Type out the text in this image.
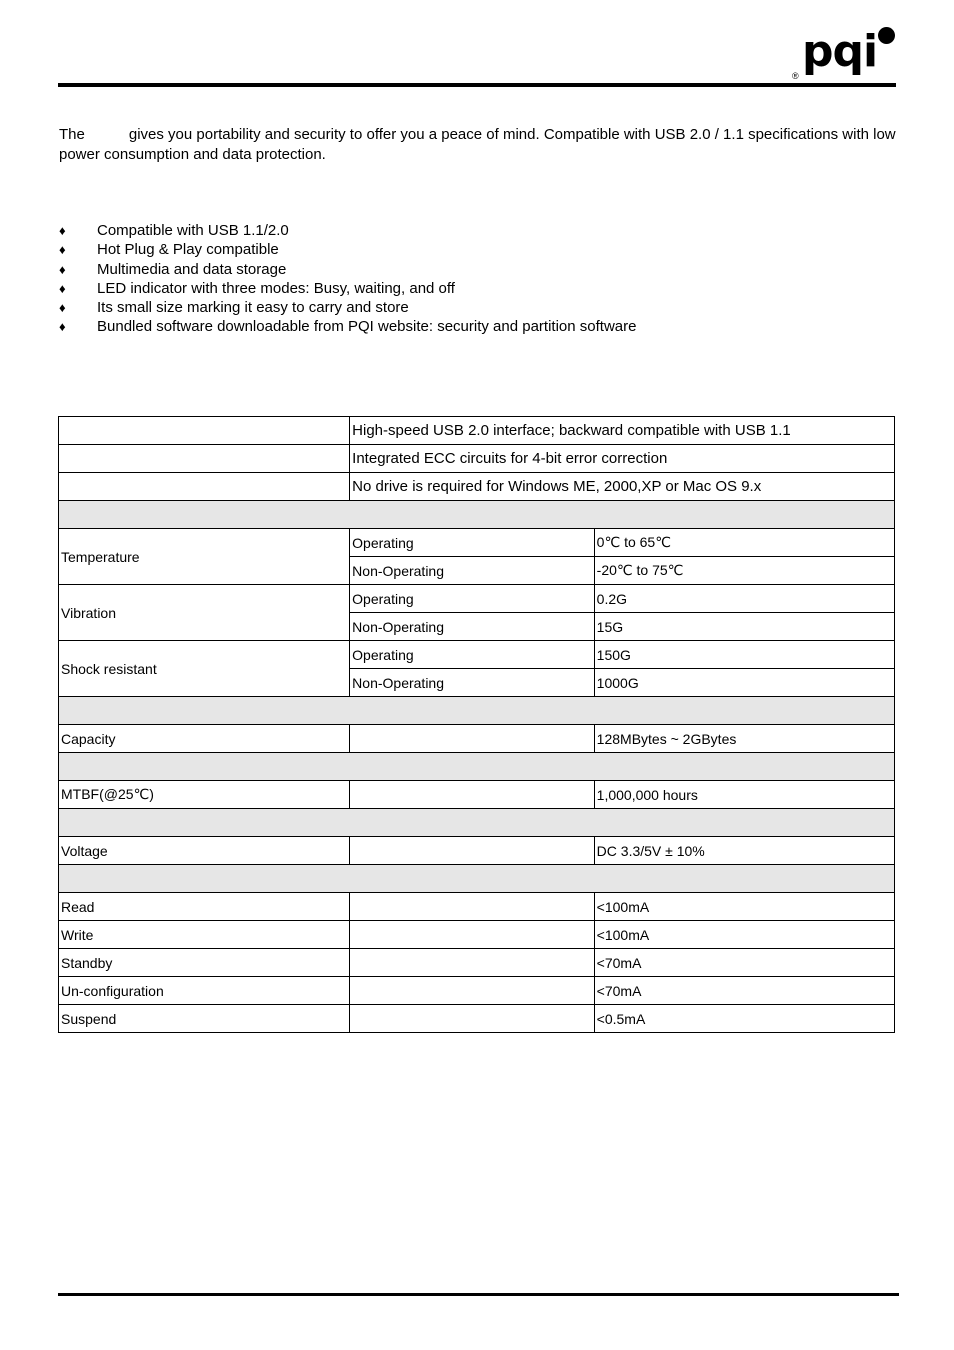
® pqi
The	gives you portability and security to offer you a peace of mind. Compatible with USB 2.0 / 1.1 specifications with low power consumption and data protection.
♦ Compatible with USB 1.1/2.0
♦ Hot Plug & Play compatible
♦ Multimedia and data storage
♦ LED indicator with three modes: Busy, waiting, and off
♦ Its small size marking it easy to carry and store
♦ Bundled software downloadable from PQI website: security and partition software
	High-speed USB 2.0 interface; backward compatible with USB 1.1	
	Integrated ECC circuits for 4-bit error correction	
	No drive is required for Windows ME, 2000,XP or Mac OS 9.x	

Temperature	Operating	0℃ to 65℃
	Non-Operating	-20℃ to 75℃
Vibration	Operating	0.2G
	Non-Operating	15G
Shock resistant	Operating	150G
	Non-Operating	1000G

Capacity		128MBytes ~ 2GBytes

MTBF(@25℃)		1,000,000 hours

Voltage		DC 3.3/5V ± 10%

Read		<100mA
Write		<100mA
Standby		<70mA
Un-configuration		<70mA
Suspend		<0.5mA
